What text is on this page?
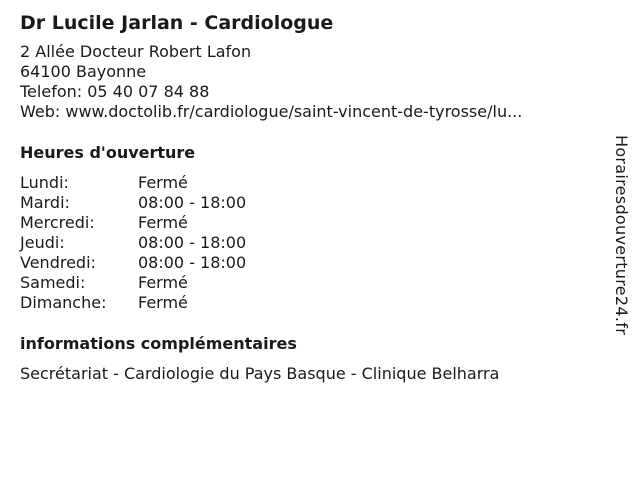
Dr Lucile Jarlan - Cardiologue
2 Allée Docteur Robert Lafon
64100 Bayonne
Telefon: 05 40 07 84 88
Web: www.doctolib.fr/cardiologue/saint-vincent-de-tyrosse/lu...
Heures d'ouverture
Lundi:	Fermé
Mardi:	08:00 - 18:00
Mercredi:	Fermé
Jeudi:	08:00 - 18:00
Vendredi:	08:00 - 18:00
Samedi:	Fermé
Dimanche:	Fermé
informations complémentaires
Secrétariat - Cardiologie du Pays Basque - Clinique Belharra
Horairesdouverture24.fr
